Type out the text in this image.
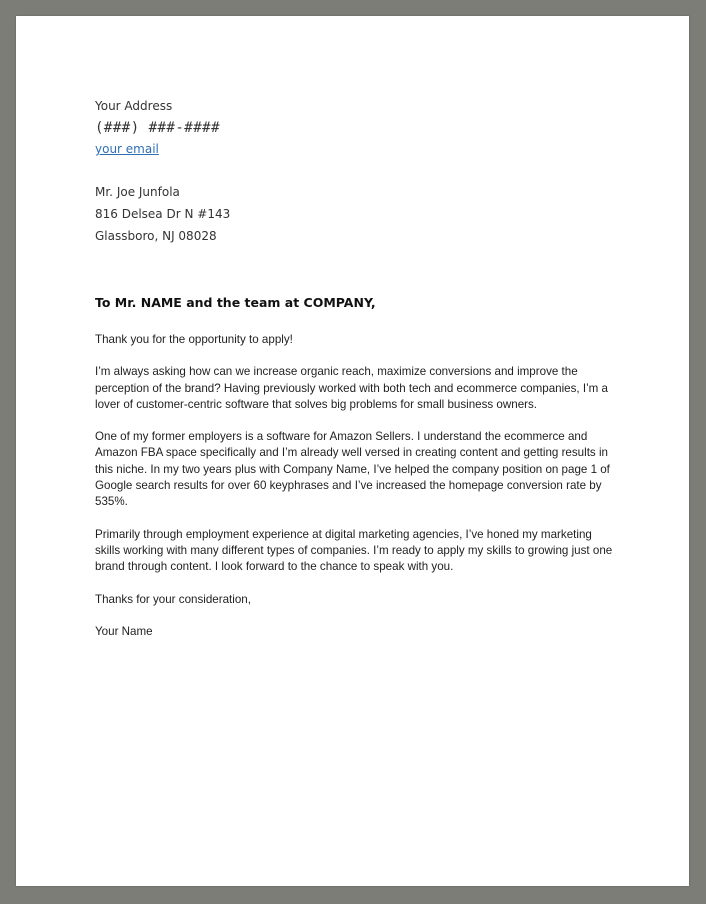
Your Address

(###) ###-####
your email

Mr. Joe Junfola

816 Delsea Dr N #143

Glassboro, NJ 08028

To Mr. NAME and the team at COMPANY,

Thank you for the opportunity to apply!

I’m always asking how can we increase organic reach, maximize conversions and improve the perception of the brand? Having previously worked with both tech and ecommerce companies, I’m a lover of customer-centric software that solves big problems for small business owners.

One of my former employers is a software for Amazon Sellers. I understand the ecommerce and Amazon FBA space specifically and I’m already well versed in creating content and getting results in this niche. In my two years plus with Company Name, I’ve helped the company position on page 1 of Google search results for over 60 keyphrases and I’ve increased the homepage conversion rate by 535%.

Primarily through employment experience at digital marketing agencies, I’ve honed my marketing skills working with many different types of companies. I’m ready to apply my skills to growing just one brand through content. I look forward to the chance to speak with you.

Thanks for your consideration,

Your Name
